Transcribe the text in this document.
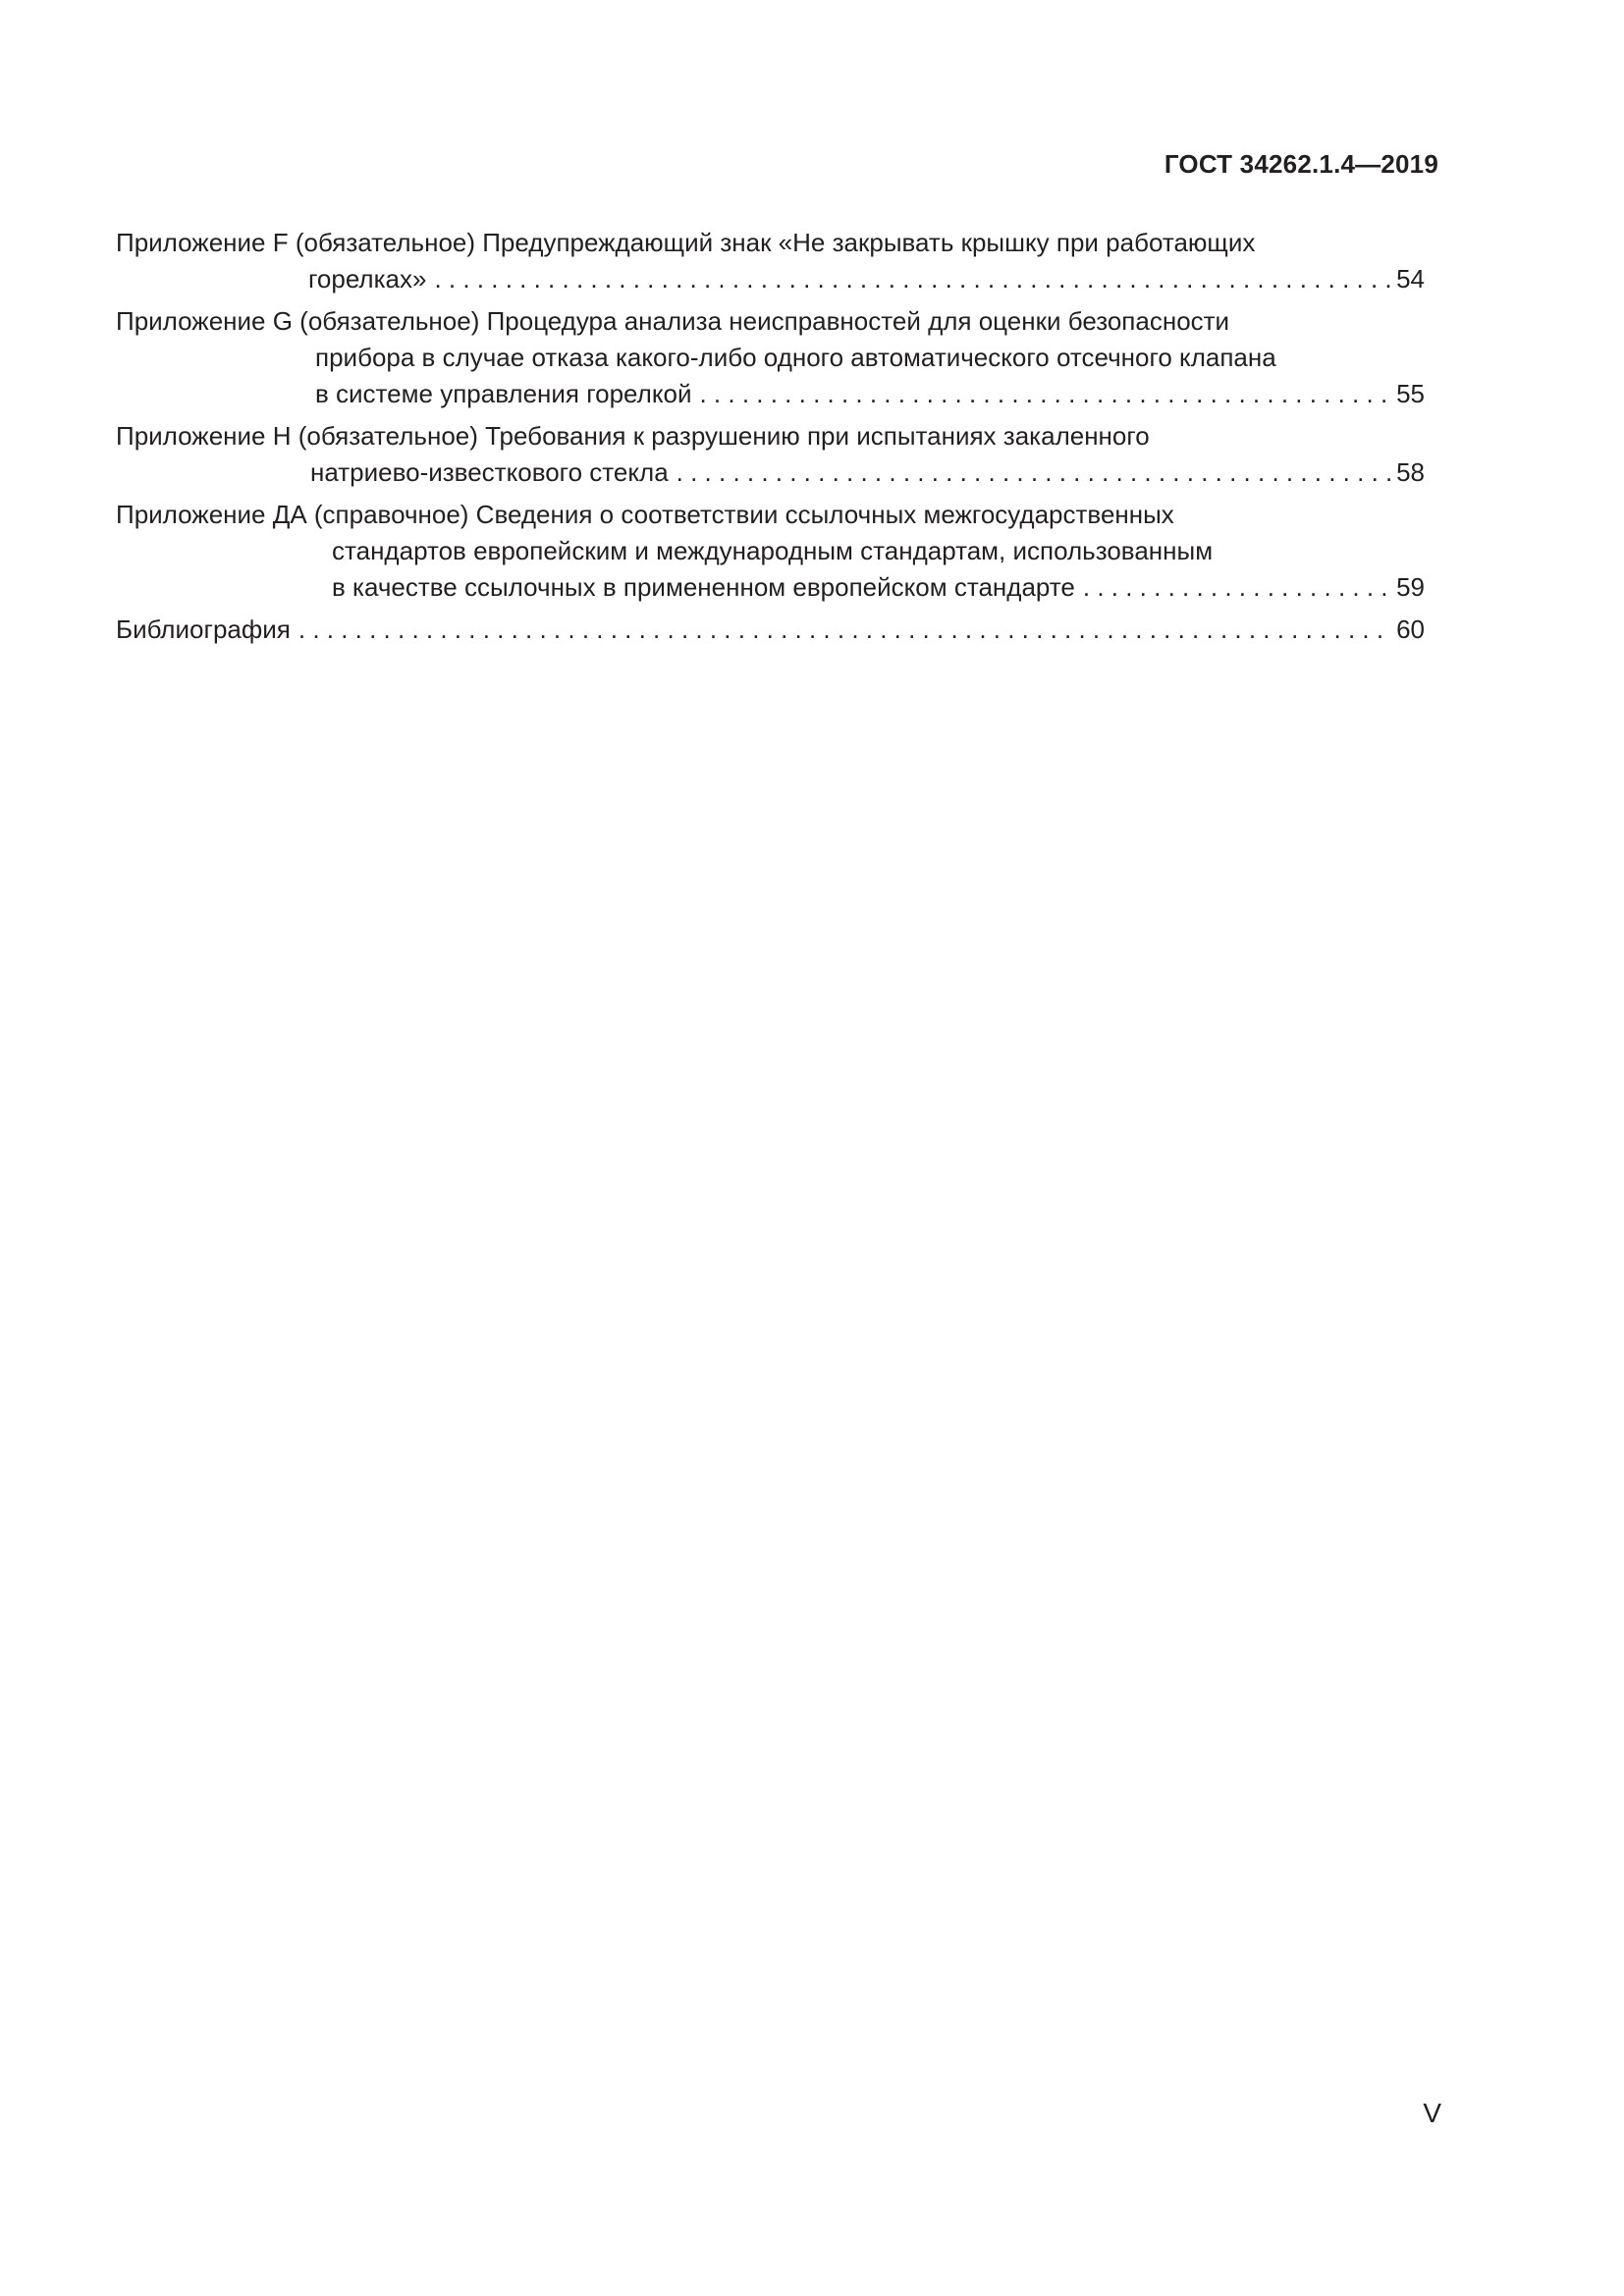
ГОСТ 34262.1.4—2019
Приложение F (обязательное) Предупреждающий знак «Не закрывать крышку при работающих
горелках» . . .	54
Приложение G (обязательное) Процедура анализа неисправностей для оценки безопасности
прибора в случае отказа какого-либо одного автоматического отсечного клапана
в системе управления горелкой . . .	55
Приложение H (обязательное) Требования к разрушению при испытаниях закаленного
натриево-известкового стекла . . .	58
Приложение ДА (справочное) Сведения о соответствии ссылочных межгосударственных
стандартов европейским и международным стандартам, использованным
в качестве ссылочных в примененном европейском стандарте . . .	59
Библиография . . .	60
V
